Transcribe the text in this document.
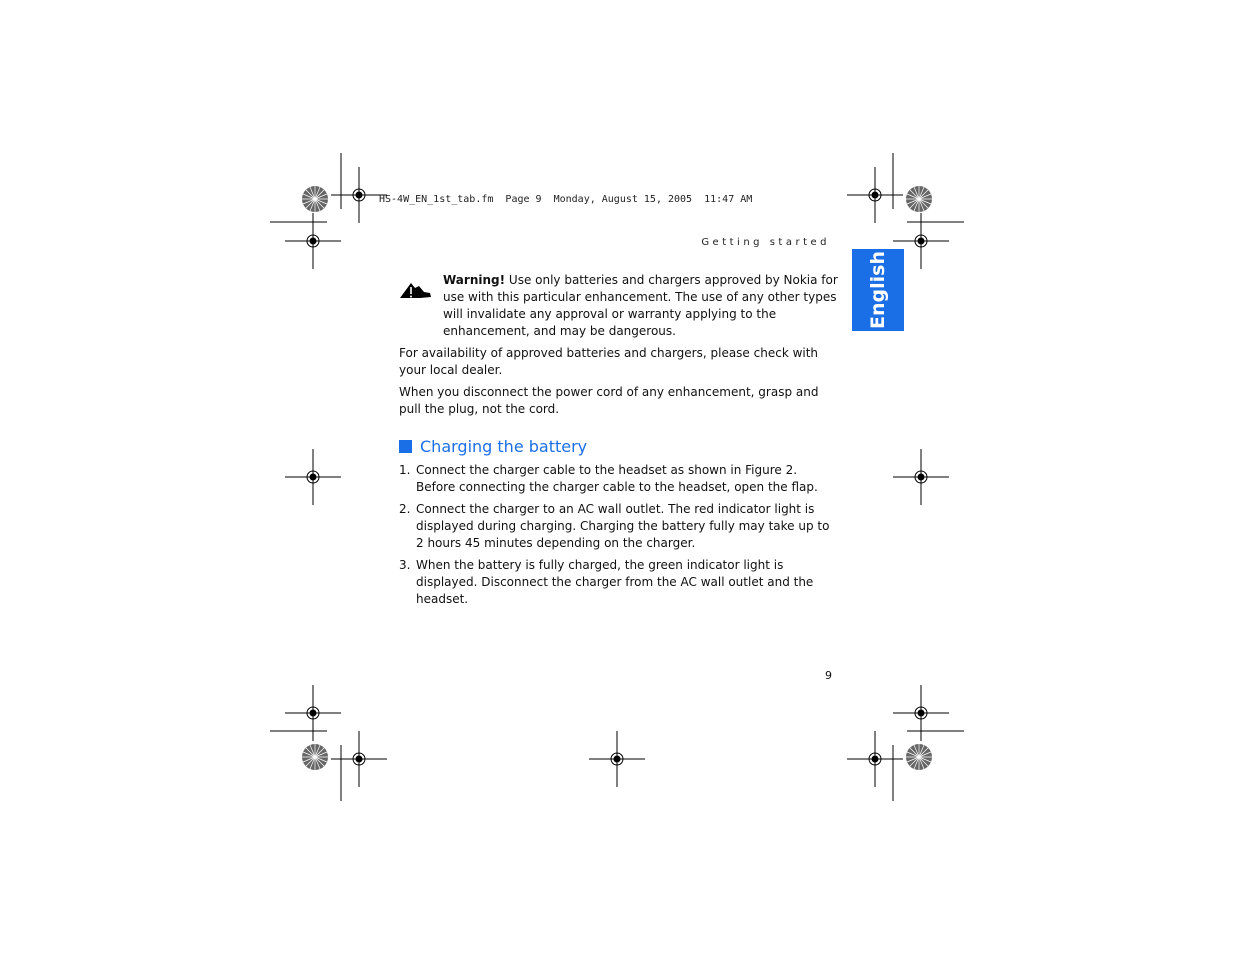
HS-4W_EN_1st_tab.fm  Page 9  Monday, August 15, 2005  11:47 AM
Getting started
English
Warning! Use only batteries and chargers approved by Nokia for use with this particular enhancement. The use of any other types will invalidate any approval or warranty applying to the enhancement, and may be dangerous.
For availability of approved batteries and chargers, please check with your local dealer.
When you disconnect the power cord of any enhancement, grasp and pull the plug, not the cord.
Charging the battery
1. Connect the charger cable to the headset as shown in Figure 2. Before connecting the charger cable to the headset, open the flap.
2. Connect the charger to an AC wall outlet. The red indicator light is displayed during charging. Charging the battery fully may take up to 2 hours 45 minutes depending on the charger.
3. When the battery is fully charged, the green indicator light is displayed. Disconnect the charger from the AC wall outlet and the headset.
9
